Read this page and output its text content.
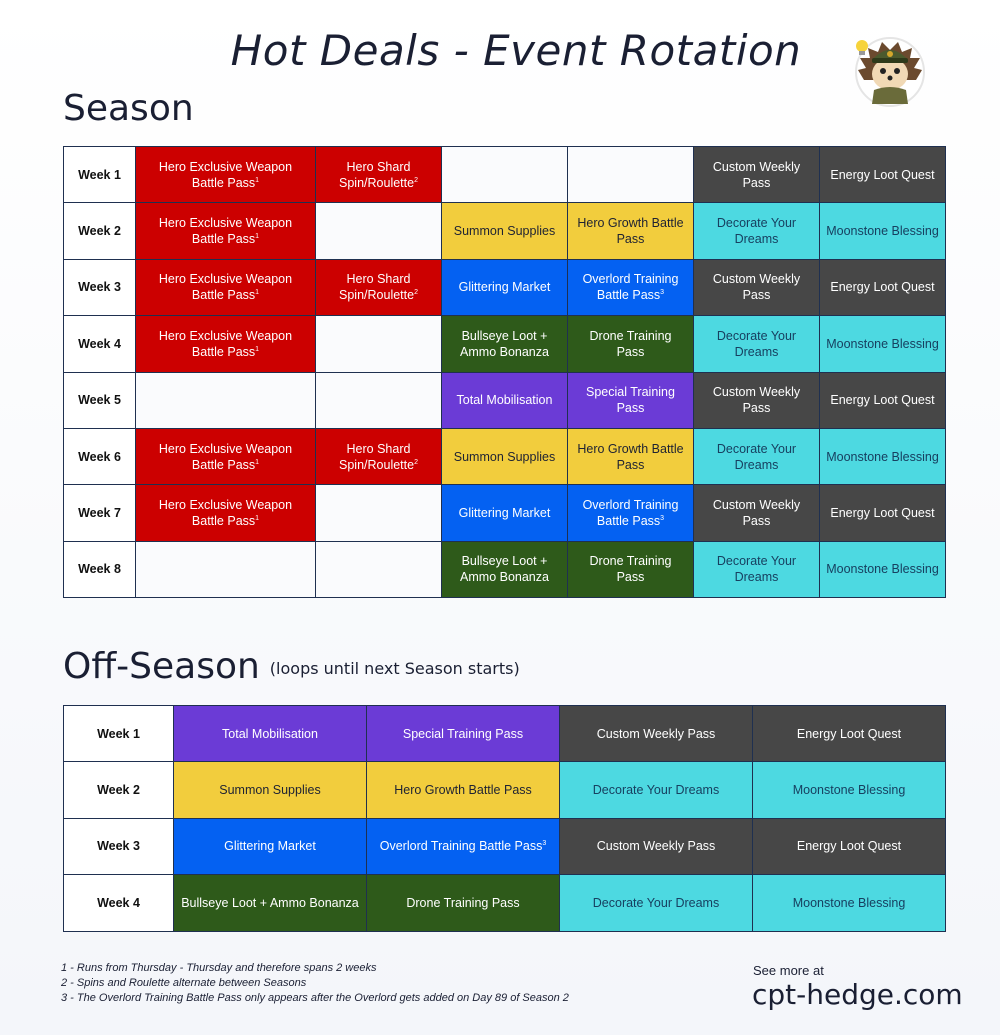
Hot Deals - Event Rotation
Season
Week 1	Hero Exclusive Weapon Battle Pass$^1$	Hero Shard Spin/Roulette$^2$			Custom Weekly Pass	Energy Loot Quest
Week 2	Hero Exclusive Weapon Battle Pass$^1$		Summon Supplies	Hero Growth Battle Pass	Decorate Your Dreams	Moonstone Blessing
Week 3	Hero Exclusive Weapon Battle Pass$^1$	Hero Shard Spin/Roulette$^2$	Glittering Market	Overlord Training Battle Pass$^3$	Custom Weekly Pass	Energy Loot Quest
Week 4	Hero Exclusive Weapon Battle Pass$^1$		Bullseye Loot + Ammo Bonanza	Drone Training Pass	Decorate Your Dreams	Moonstone Blessing
Week 5			Total Mobilisation	Special Training Pass	Custom Weekly Pass	Energy Loot Quest
Week 6	Hero Exclusive Weapon Battle Pass$^1$	Hero Shard Spin/Roulette$^2$	Summon Supplies	Hero Growth Battle Pass	Decorate Your Dreams	Moonstone Blessing
Week 7	Hero Exclusive Weapon Battle Pass$^1$		Glittering Market	Overlord Training Battle Pass$^3$	Custom Weekly Pass	Energy Loot Quest
Week 8			Bullseye Loot + Ammo Bonanza	Drone Training Pass	Decorate Your Dreams	Moonstone Blessing
Off-Season (loops until next Season starts)
Week 1	Total Mobilisation	Special Training Pass	Custom Weekly Pass	Energy Loot Quest
Week 2	Summon Supplies	Hero Growth Battle Pass	Decorate Your Dreams	Moonstone Blessing
Week 3	Glittering Market	Overlord Training Battle Pass$^3$	Custom Weekly Pass	Energy Loot Quest
Week 4	Bullseye Loot + Ammo Bonanza	Drone Training Pass	Decorate Your Dreams	Moonstone Blessing
1 - Runs from Thursday - Thursday and therefore spans 2 weeks
2 - Spins and Roulette alternate between Seasons
3 - The Overlord Training Battle Pass only appears after the Overlord gets added on Day 89 of Season 2
See more at
cpt-hedge.com
